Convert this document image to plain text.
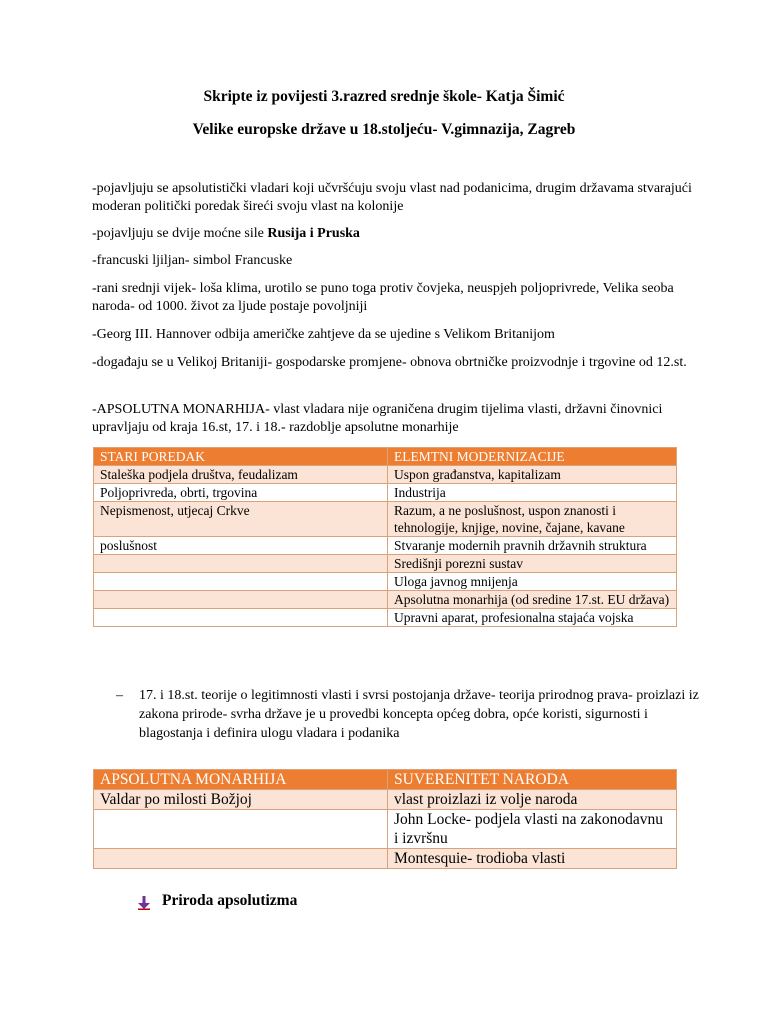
Skripte iz povijesti 3.razred srednje škole- Katja Šimić
Velike europske države u 18.stoljeću- V.gimnazija, Zagreb
-pojavljuju se apsolutistički vladari koji učvršćuju svoju vlast nad podanicima, drugim državama stvarajući moderan politički poredak šireći svoju vlast na kolonije
-pojavljuju se dvije moćne sile Rusija i Pruska
-francuski ljiljan- simbol Francuske
-rani srednji vijek- loša klima, urotilo se puno toga protiv čovjeka, neuspjeh poljoprivrede, Velika seoba naroda- od 1000. život za ljude postaje povoljniji
-Georg III. Hannover odbija američke zahtjeve da se ujedine s Velikom Britanijom
-događaju se u Velikoj Britaniji- gospodarske promjene- obnova obrtničke proizvodnje i trgovine od 12.st.
-APSOLUTNA MONARHIJA- vlast vladara nije ograničena drugim tijelima vlasti, državni činovnici upravljaju od kraja 16.st, 17. i 18.- razdoblje apsolutne monarhije
STARI POREDAK	ELEMTNI MODERNIZACIJE
Staleška podjela društva, feudalizam	Uspon građanstva, kapitalizam
Poljoprivreda, obrti, trgovina	Industrija
Nepismenost, utjecaj Crkve	Razum, a ne poslušnost, uspon znanosti i tehnologije, knjige, novine, čajane, kavane
poslušnost	Stvaranje modernih pravnih državnih struktura
	Središnji porezni sustav
	Uloga javnog mnijenja
	Apsolutna monarhija (od sredine 17.st. EU država)
	Upravni aparat, profesionalna stajaća vojska
– 17. i 18.st. teorije o legitimnosti vlasti i svrsi postojanja države- teorija prirodnog prava- proizlazi iz zakona prirode- svrha države je u provedbi koncepta općeg dobra, opće koristi, sigurnosti i blagostanja i definira ulogu vladara i podanika
APSOLUTNA MONARHIJA	SUVERENITET NARODA
Valdar po milosti Božjoj	vlast proizlazi iz volje naroda
	John Locke- podjela vlasti na zakonodavnu i izvršnu
	Montesquie- trodioba vlasti
Priroda apsolutizma
